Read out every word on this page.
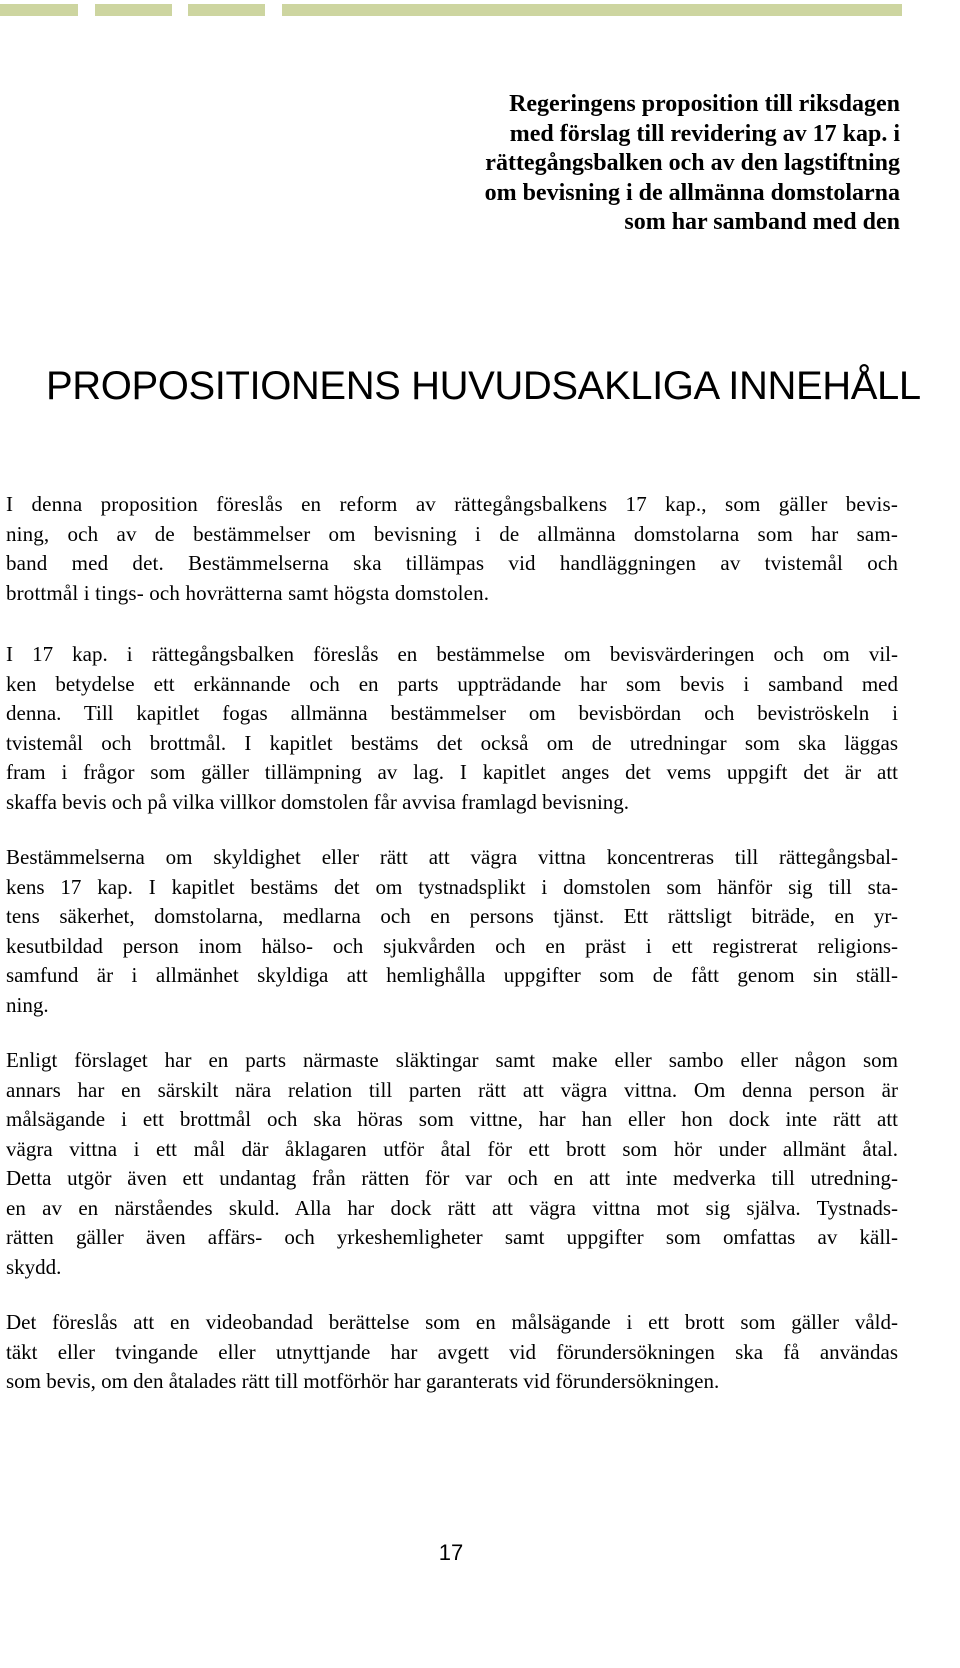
Regeringens proposition till riksdagen
med förslag till revidering av 17 kap. i
rättegångsbalken och av den lagstiftning
om bevisning i de allmänna domstolarna
som har samband med den
PROPOSITIONENS HUVUDSAKLIGA INNEHÅLL
I denna proposition föreslås en reform av rättegångsbalkens 17 kap., som gäller bevis-
ning, och av de bestämmelser om bevisning i de allmänna domstolarna som har sam-
band med det. Bestämmelserna ska tillämpas vid handläggningen av tvistemål och
brottmål i tings- och hovrätterna samt högsta domstolen.
I 17 kap. i rättegångsbalken föreslås en bestämmelse om bevisvärderingen och om vil-
ken betydelse ett erkännande och en parts uppträdande har som bevis i samband med
denna. Till kapitlet fogas allmänna bestämmelser om bevisbördan och beviströskeln i
tvistemål och brottmål. I kapitlet bestäms det också om de utredningar som ska läggas
fram i frågor som gäller tillämpning av lag. I kapitlet anges det vems uppgift det är att
skaffa bevis och på vilka villkor domstolen får avvisa framlagd bevisning.
Bestämmelserna om skyldighet eller rätt att vägra vittna koncentreras till rättegångsbal-
kens 17 kap. I kapitlet bestäms det om tystnadsplikt i domstolen som hänför sig till sta-
tens säkerhet, domstolarna, medlarna och en persons tjänst. Ett rättsligt biträde, en yr-
kesutbildad person inom hälso- och sjukvården och en präst i ett registrerat religions-
samfund är i allmänhet skyldiga att hemlighålla uppgifter som de fått genom sin ställ-
ning.
Enligt förslaget har en parts närmaste släktingar samt make eller sambo eller någon som
annars har en särskilt nära relation till parten rätt att vägra vittna. Om denna person är
målsägande i ett brottmål och ska höras som vittne, har han eller hon dock inte rätt att
vägra vittna i ett mål där åklagaren utför åtal för ett brott som hör under allmänt åtal.
Detta utgör även ett undantag från rätten för var och en att inte medverka till utredning-
en av en närståendes skuld. Alla har dock rätt att vägra vittna mot sig själva. Tystnads-
rätten gäller även affärs- och yrkeshemligheter samt uppgifter som omfattas av käll-
skydd.
Det föreslås att en videobandad berättelse som en målsägande i ett brott som gäller våld-
täkt eller tvingande eller utnyttjande har avgett vid förundersökningen ska få användas
som bevis, om den åtalades rätt till motförhör har garanterats vid förundersökningen.
17
